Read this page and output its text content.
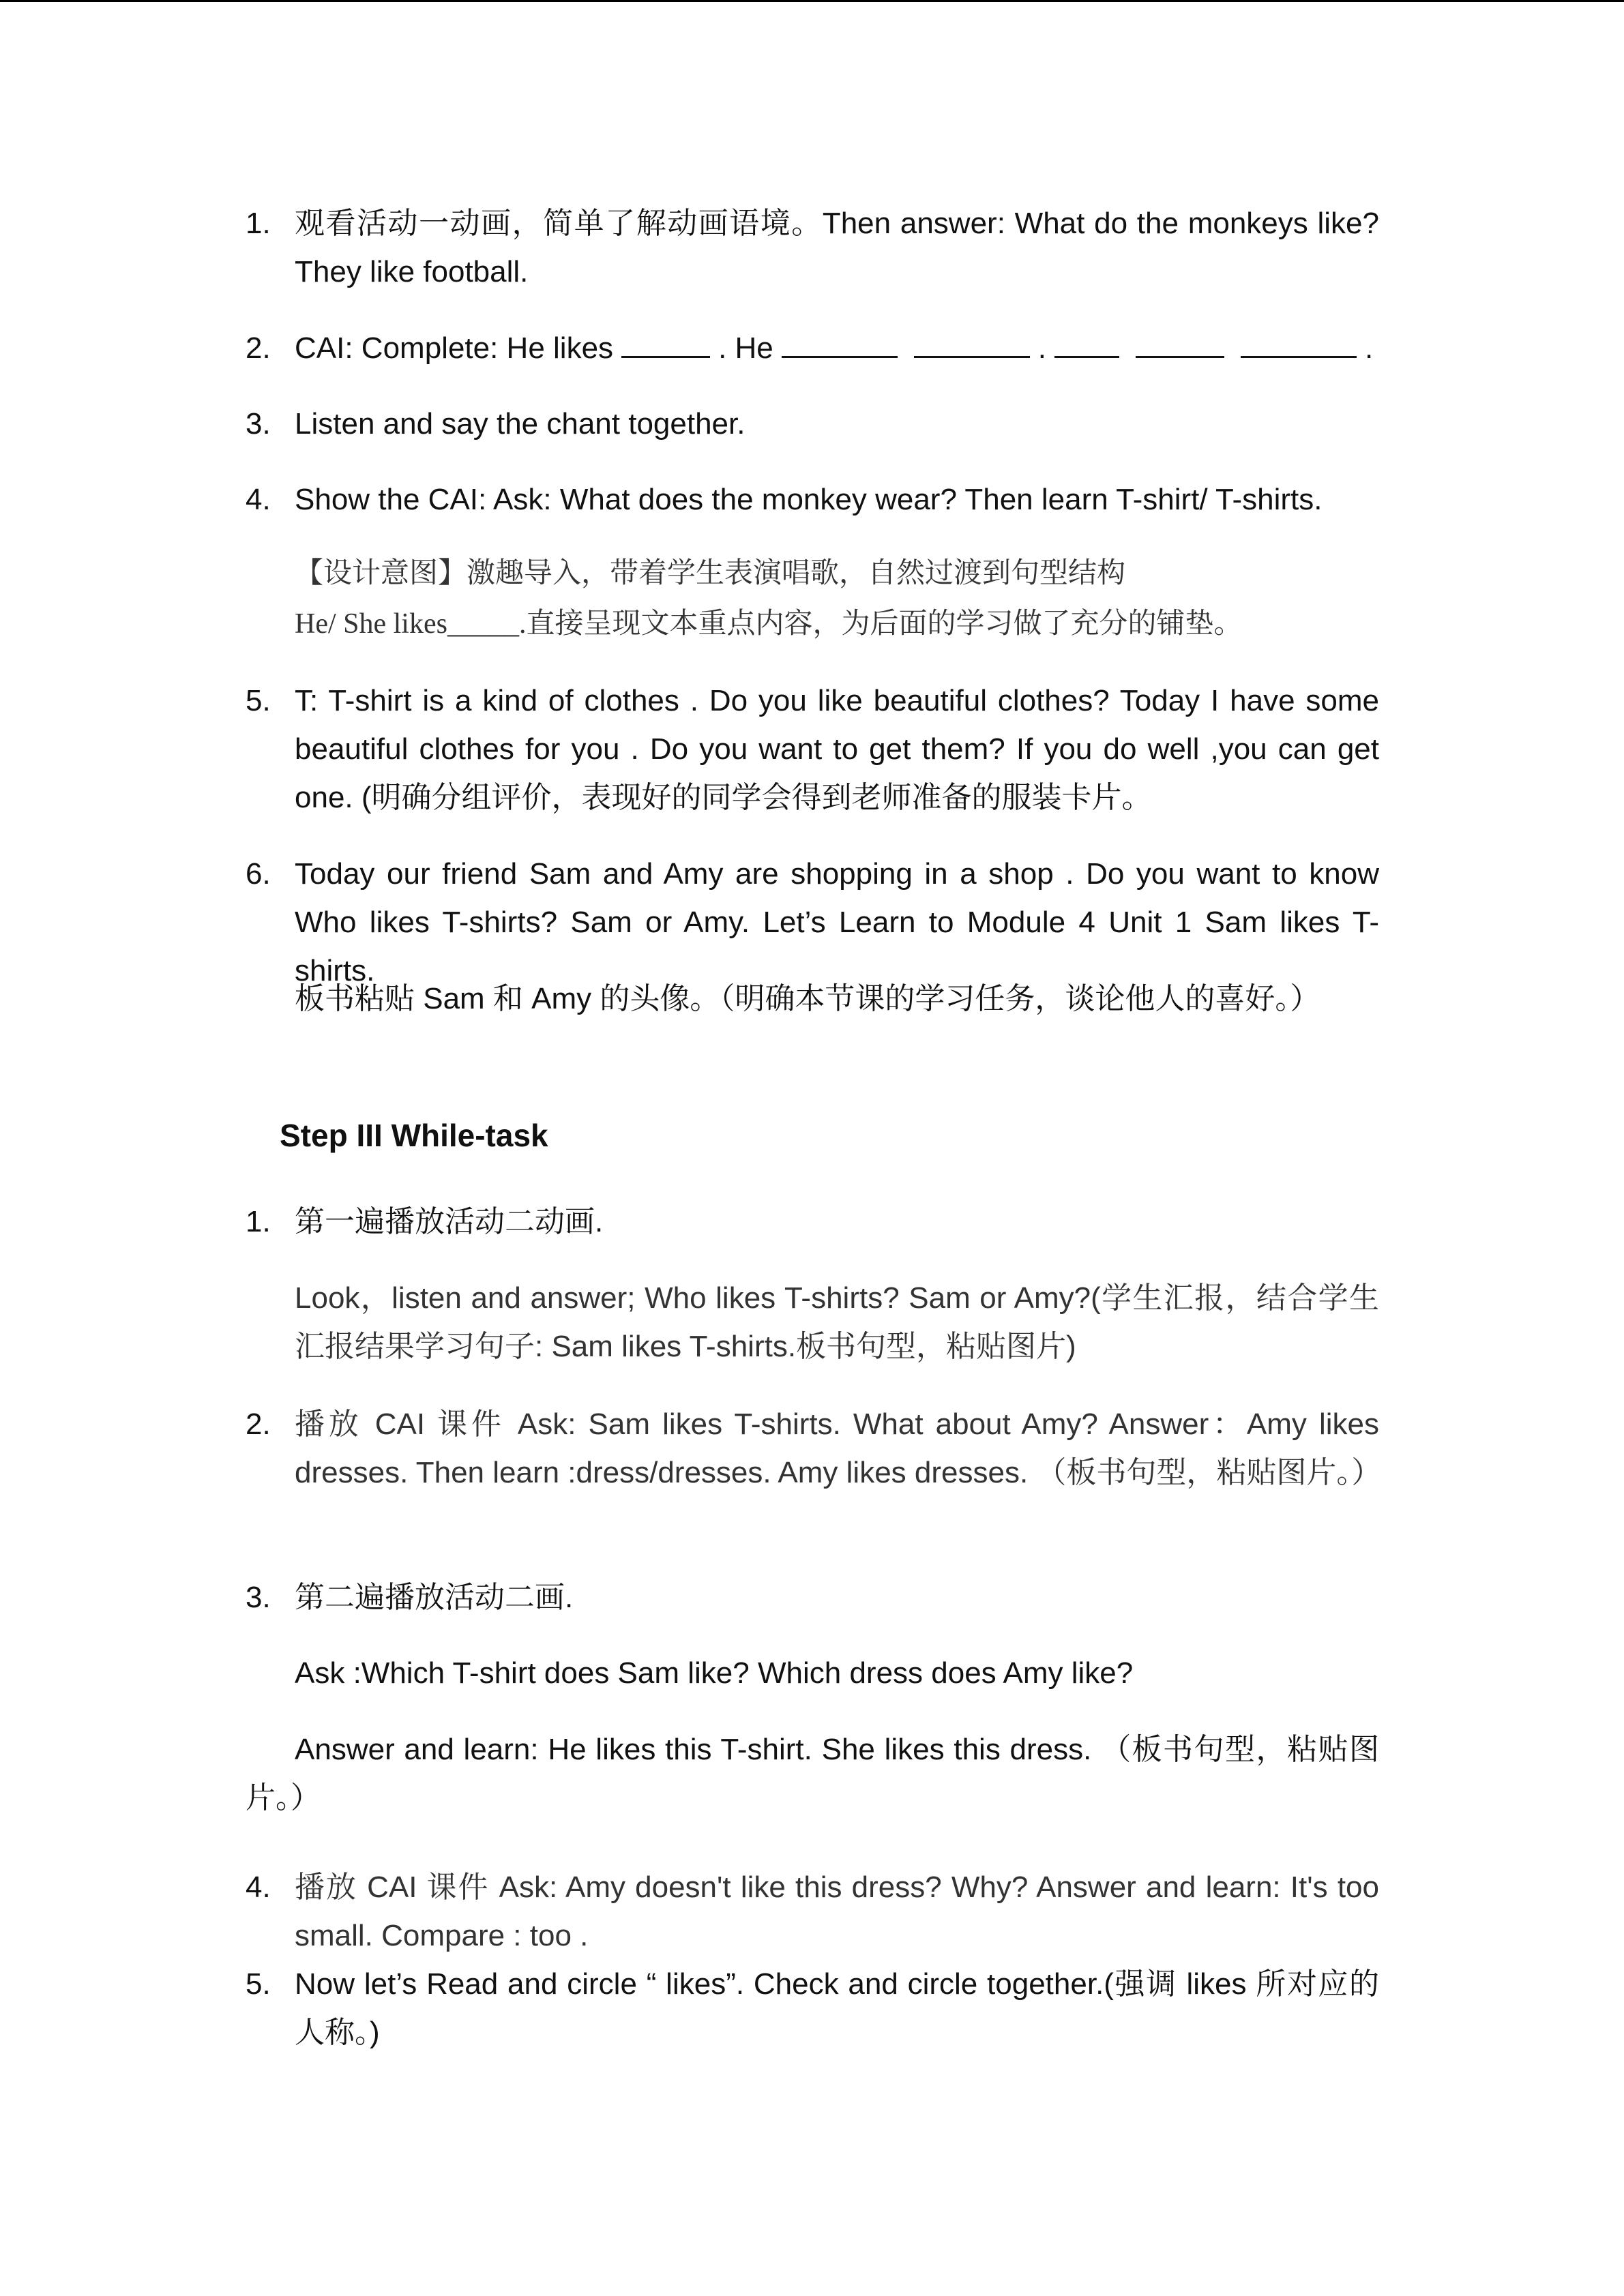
1. 观看活动一动画，简单了解动画语境。Then answer: What do the monkeys like? They like football.

2. CAI: Complete: He likes	. He	.	.

3. Listen and say the chant together.

4. Show the CAI: Ask: What does the monkey wear? Then learn T-shirt/ T-shirts.

【设计意图】激趣导入，带着学生表演唱歌，自然过渡到句型结构

He/ She likes_____.直接呈现文本重点内容，为后面的学习做了充分的铺垫。

5. T: T-shirt is a kind of clothes . Do you like beautiful clothes? Today I have some beautiful clothes for you . Do you want to get them? If you do well ,you can get one. (明确分组评价，表现好的同学会得到老师准备的服装卡片。

6. Today our friend Sam and Amy are shopping in a shop . Do you want to know Who likes T-shirts? Sam or Amy. Let’s Learn to Module 4 Unit 1 Sam likes T-shirts.

板书粘贴 Sam 和 Amy 的头像。（明确本节课的学习任务，谈论他人的喜好。）

Step III While-task

1. 第一遍播放活动二动画.

Look，listen and answer; Who likes T-shirts? Sam or Amy?(学生汇报，结合学生汇报结果学习句子: Sam likes T-shirts.板书句型，粘贴图片)

2. 播放 CAI 课件 Ask: Sam likes T-shirts. What about Amy? Answer：Amy likes dresses. Then learn :dress/dresses. Amy likes dresses. （板书句型，粘贴图片。）

3. 第二遍播放活动二画.

Ask :Which T-shirt does Sam like? Which dress does Amy like?

Answer and learn: He likes this T-shirt. She likes this dress. （板书句型，粘贴图片。）

4. 播放 CAI 课件 Ask: Amy doesn't like this dress? Why? Answer and learn: It's too small. Compare : too .

5. Now let’s Read and circle “ likes”. Check and circle together.(强调 likes 所对应的人称。)
